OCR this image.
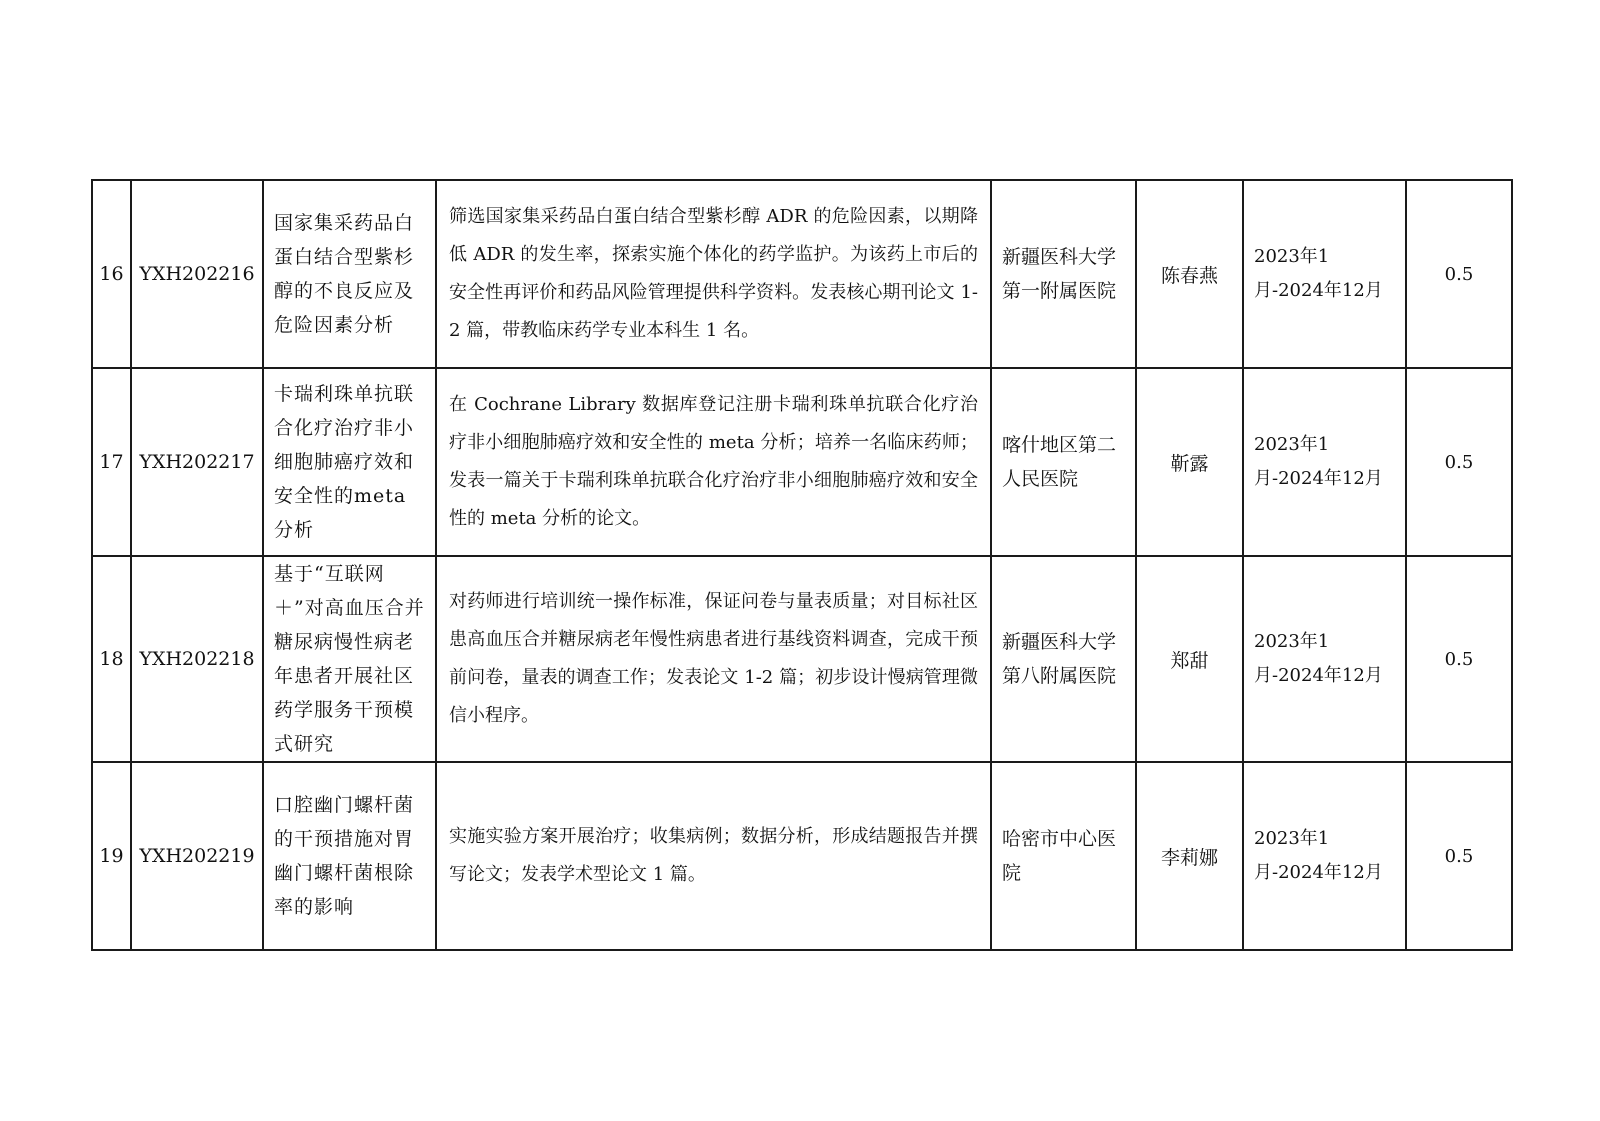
16	YXH202216	国家集采药品白蛋白结合型紫杉醇的不良反应及危险因素分析	筛选国家集采药品白蛋白结合型紫杉醇 ADR 的危险因素，以期降低 ADR 的发生率，探索实施个体化的药学监护。为该药上市后的安全性再评价和药品风险管理提供科学资料。发表核心期刊论文 1-2 篇，带教临床药学专业本科生 1 名。	新疆医科大学第一附属医院	陈春燕	2023年1月-2024年12月	0.5
17	YXH202217	卡瑞利珠单抗联合化疗治疗非小细胞肺癌疗效和安全性的meta分析	在 Cochrane Library 数据库登记注册卡瑞利珠单抗联合化疗治疗非小细胞肺癌疗效和安全性的 meta 分析；培养一名临床药师；发表一篇关于卡瑞利珠单抗联合化疗治疗非小细胞肺癌疗效和安全性的 meta 分析的论文。	喀什地区第二人民医院	靳露	2023年1月-2024年12月	0.5
18	YXH202218	基于“互联网＋”对高血压合并糖尿病慢性病老年患者开展社区药学服务干预模式研究	对药师进行培训统一操作标准，保证问卷与量表质量；对目标社区患高血压合并糖尿病老年慢性病患者进行基线资料调查，完成干预前问卷，量表的调查工作；发表论文 1-2 篇；初步设计慢病管理微信小程序。	新疆医科大学第八附属医院	郑甜	2023年1月-2024年12月	0.5
19	YXH202219	口腔幽门螺杆菌的干预措施对胃幽门螺杆菌根除率的影响	实施实验方案开展治疗；收集病例；数据分析，形成结题报告并撰写论文；发表学术型论文 1 篇。	哈密市中心医院	李莉娜	2023年1月-2024年12月	0.5
